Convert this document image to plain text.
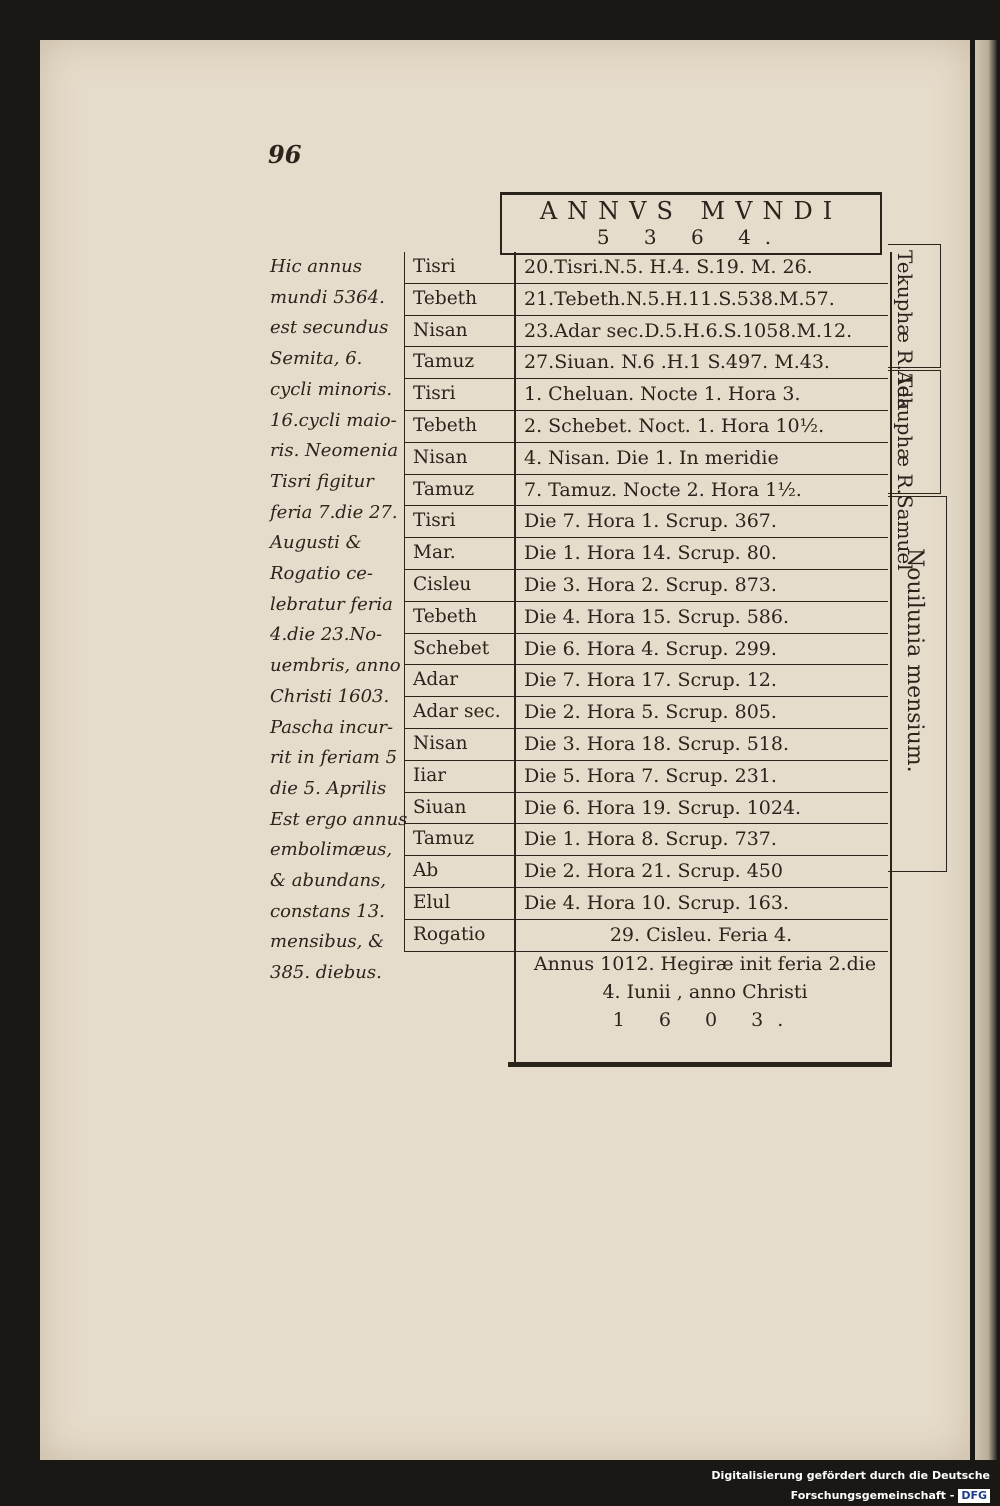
96
ANNVS MVNDI
5 3 6 4.

Hic annus

mundi 5364.

est secundus

Semita, 6.

cycli minoris.

16.cycli maio-

ris. Neomenia

Tisri figitur

feria 7.die 27.

Augusti &

Rogatio ce-

lebratur feria

4.die 23.No-

uembris, anno

Christi 1603.

Pascha incur-

rit in feriam 5

die 5. Aprilis

Est ergo annus

embolimæus,

& abundans,

constans 13.

mensibus, &

385. diebus.

Tisri
Tebeth
Nisan
Tamuz
Tisri
Tebeth
Nisan
Tamuz
Tisri
Mar.
Cisleu
Tebeth
Schebet
Adar
Adar sec.
Nisan
Iiar
Siuan
Tamuz
Ab
Elul
Rogatio
20.Tisri.N.5. H.4. S.19. M. 26.
21.Tebeth.N.5.H.11.S.538.M.57.
23.Adar sec.D.5.H.6.S.1058.M.12.
27.Siuan. N.6 .H.1 S.497. M.43.
1. Cheluan. Nocte 1. Hora 3.
2. Schebet. Noct. 1. Hora 10½.
4. Nisan. Die 1. In meridie
7. Tamuz. Nocte 2. Hora 1½.
Die 7. Hora 1. Scrup. 367.
Die 1. Hora 14. Scrup. 80.
Die 3. Hora 2. Scrup. 873.
Die 4. Hora 15. Scrup. 586.
Die 6. Hora 4. Scrup. 299.
Die 7. Hora 17. Scrup. 12.
Die 2. Hora 5. Scrup. 805.
Die 3. Hora 18. Scrup. 518.
Die 5. Hora 7. Scrup. 231.
Die 6. Hora 19. Scrup. 1024.
Die 1. Hora 8. Scrup. 737.
Die 2. Hora 21. Scrup. 450
Die 4. Hora 10. Scrup. 163.
29. Cisleu. Feria 4.
Annus 1012. Hegiræ init feria 2.die
4. Iunii , anno Christi
1 6 0 3.
Tekuphæ R.Ada
Tekuphæ R.Samuel
Nouilunia mensium.
Digitalisierung gefördert durch die Deutsche Forschungsgemeinschaft - DFG
